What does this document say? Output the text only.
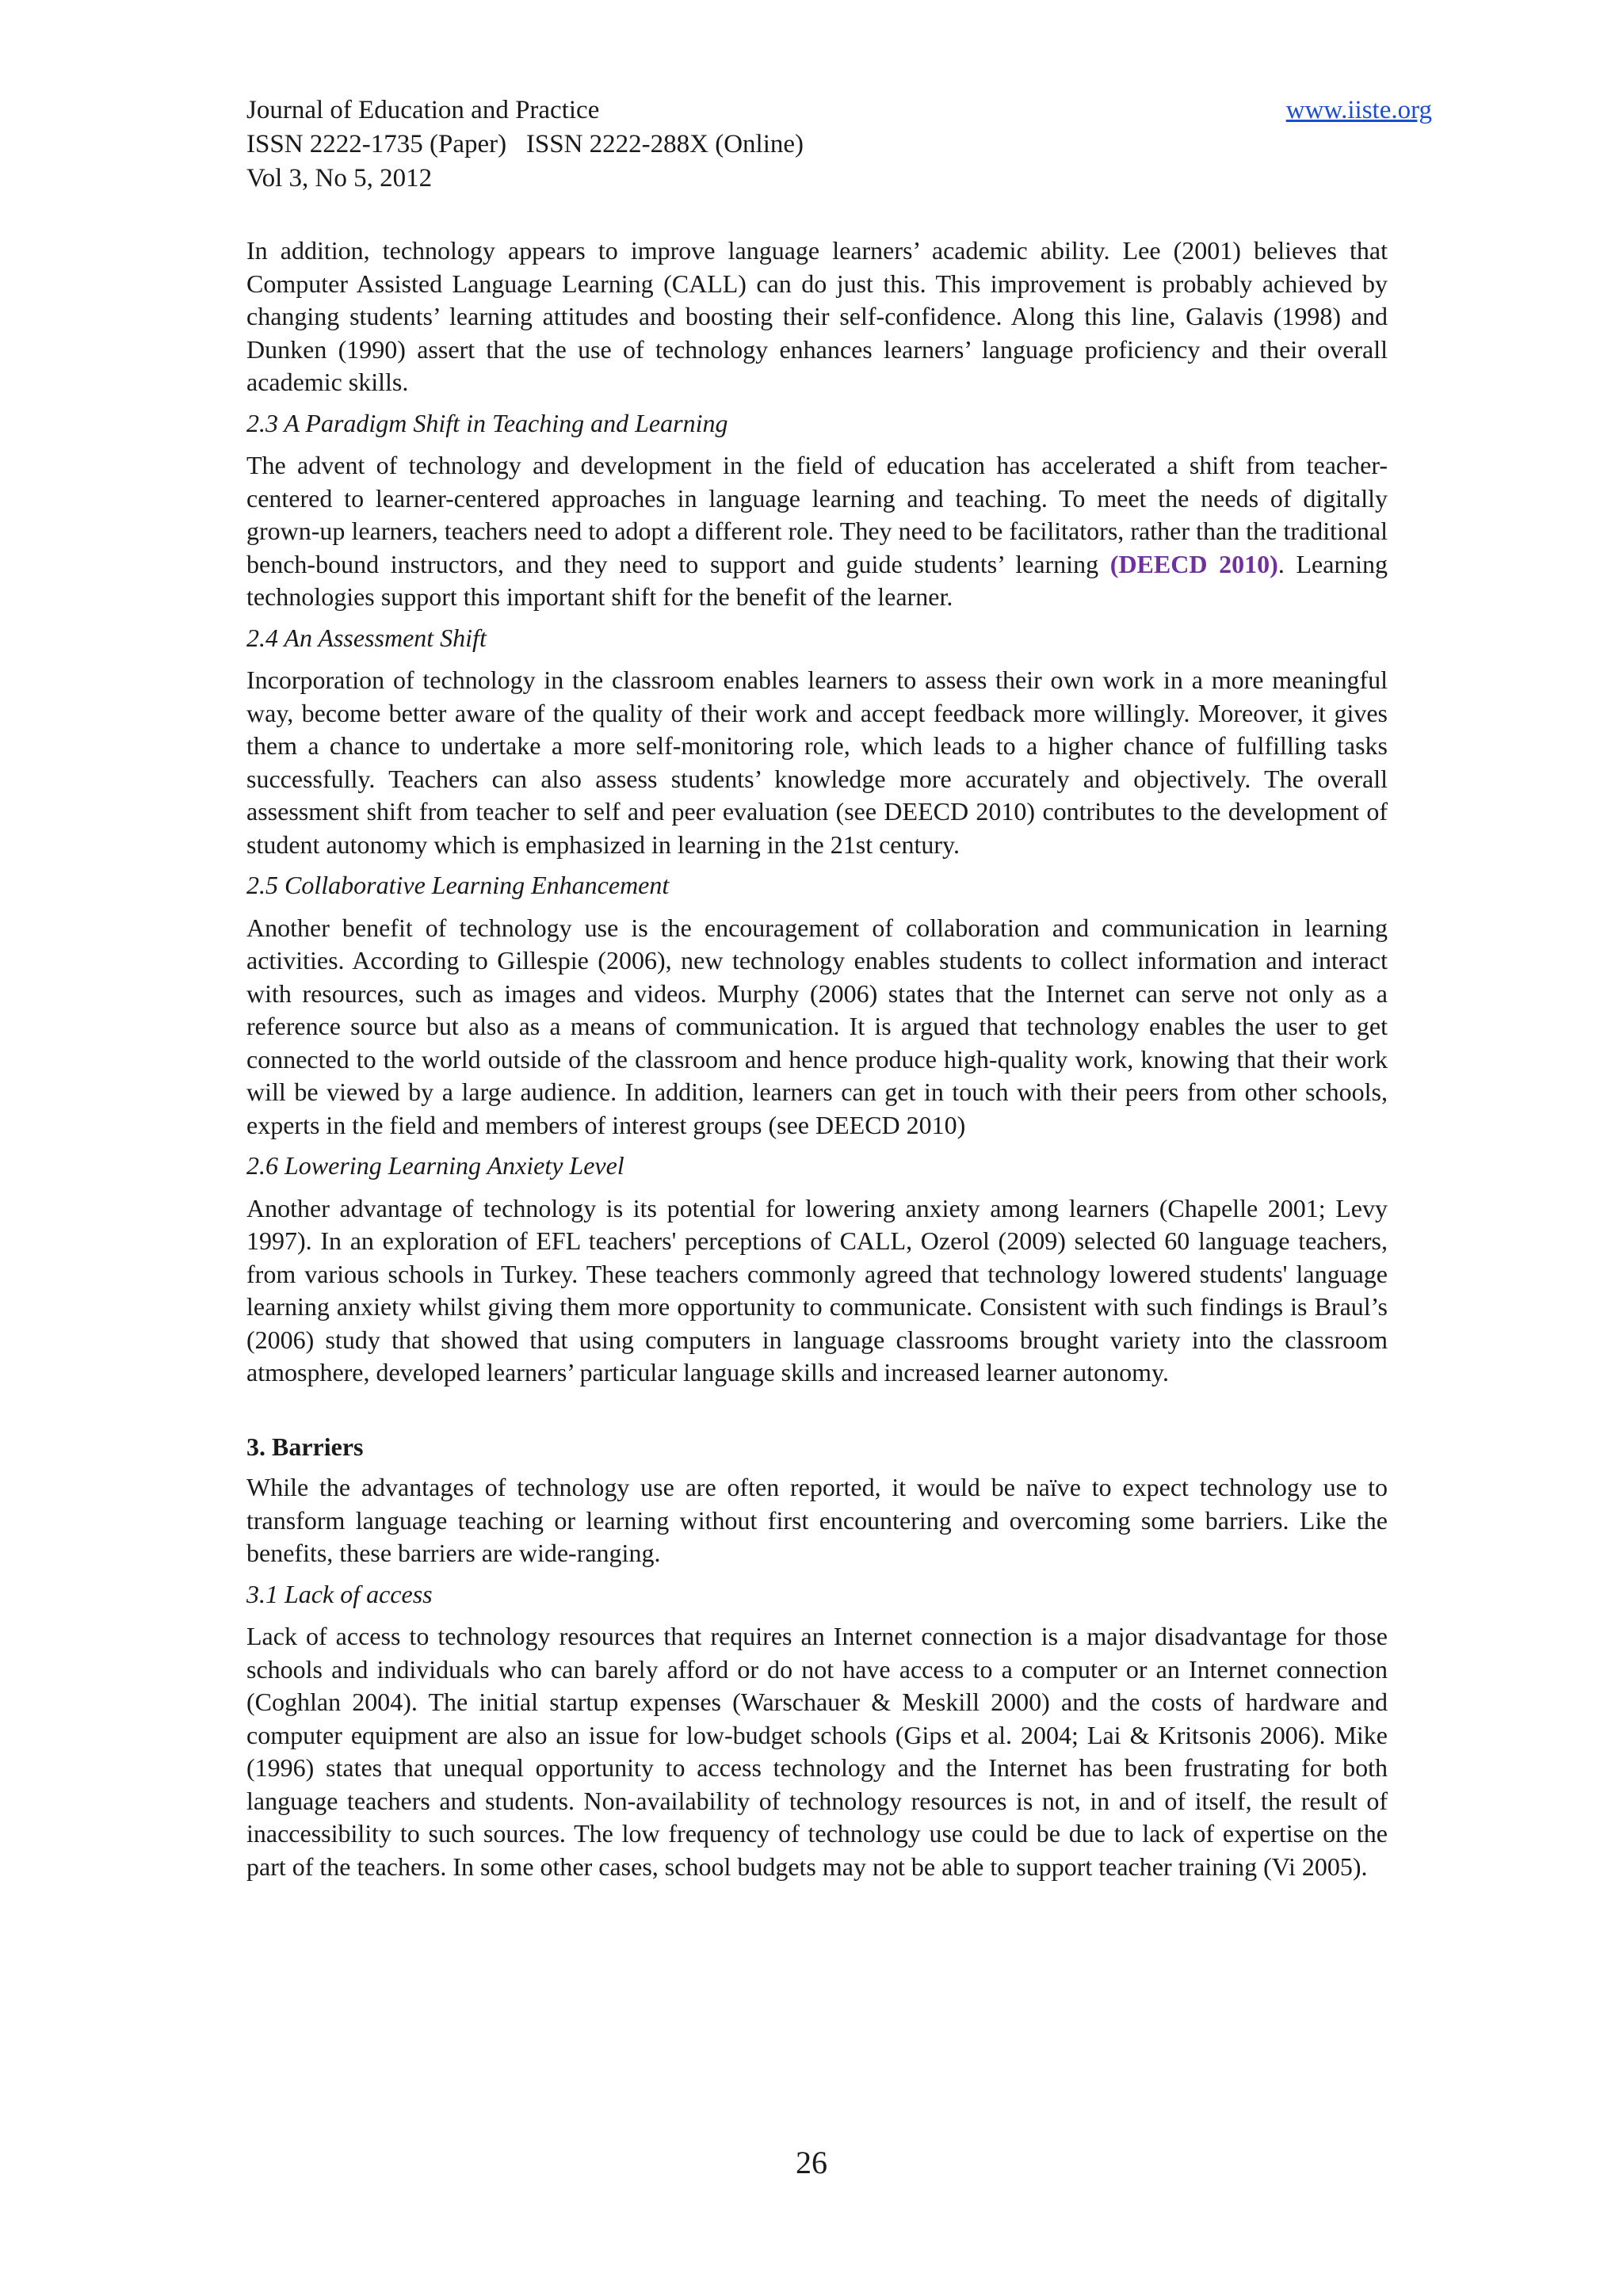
Journal of Education and Practice	www.iiste.org
ISSN 2222-1735 (Paper)   ISSN 2222-288X (Online)
Vol 3, No 5, 2012

In addition, technology appears to improve language learners’ academic ability. Lee (2001) believes that Computer Assisted Language Learning (CALL) can do just this. This improvement is probably achieved by changing students’ learning attitudes and boosting their self-confidence. Along this line, Galavis (1998) and Dunken (1990) assert that the use of technology enhances learners’ language proficiency and their overall academic skills.

2.3 A Paradigm Shift in Teaching and Learning

The advent of technology and development in the field of education has accelerated a shift from teacher-centered to learner-centered approaches in language learning and teaching. To meet the needs of digitally grown-up learners, teachers need to adopt a different role. They need to be facilitators, rather than the traditional bench-bound instructors, and they need to support and guide students’ learning (DEECD 2010). Learning technologies support this important shift for the benefit of the learner.

2.4 An Assessment Shift

Incorporation of technology in the classroom enables learners to assess their own work in a more meaningful way, become better aware of the quality of their work and accept feedback more willingly. Moreover, it gives them a chance to undertake a more self-monitoring role, which leads to a higher chance of fulfilling tasks successfully. Teachers can also assess students’ knowledge more accurately and objectively. The overall assessment shift from teacher to self and peer evaluation (see DEECD 2010) contributes to the development of student autonomy which is emphasized in learning in the 21st century.

2.5 Collaborative Learning Enhancement

Another benefit of technology use is the encouragement of collaboration and communication in learning activities. According to Gillespie (2006), new technology enables students to collect information and interact with resources, such as images and videos. Murphy (2006) states that the Internet can serve not only as a reference source but also as a means of communication. It is argued that technology enables the user to get connected to the world outside of the classroom and hence produce high-quality work, knowing that their work will be viewed by a large audience. In addition, learners can get in touch with their peers from other schools, experts in the field and members of interest groups (see DEECD 2010)

2.6 Lowering Learning Anxiety Level

Another advantage of technology is its potential for lowering anxiety among learners (Chapelle 2001; Levy 1997). In an exploration of EFL teachers' perceptions of CALL, Ozerol (2009) selected 60 language teachers, from various schools in Turkey. These teachers commonly agreed that technology lowered students' language learning anxiety whilst giving them more opportunity to communicate. Consistent with such findings is Braul’s (2006) study that showed that using computers in language classrooms brought variety into the classroom atmosphere, developed learners’ particular language skills and increased learner autonomy.

3. Barriers

While the advantages of technology use are often reported, it would be naïve to expect technology use to transform language teaching or learning without first encountering and overcoming some barriers. Like the benefits, these barriers are wide-ranging.

3.1 Lack of access

Lack of access to technology resources that requires an Internet connection is a major disadvantage for those schools and individuals who can barely afford or do not have access to a computer or an Internet connection (Coghlan 2004). The initial startup expenses (Warschauer & Meskill 2000) and the costs of hardware and computer equipment are also an issue for low-budget schools (Gips et al. 2004; Lai & Kritsonis 2006). Mike (1996) states that unequal opportunity to access technology and the Internet has been frustrating for both language teachers and students. Non-availability of technology resources is not, in and of itself, the result of inaccessibility to such sources. The low frequency of technology use could be due to lack of expertise on the part of the teachers. In some other cases, school budgets may not be able to support teacher training (Vi 2005).

26
